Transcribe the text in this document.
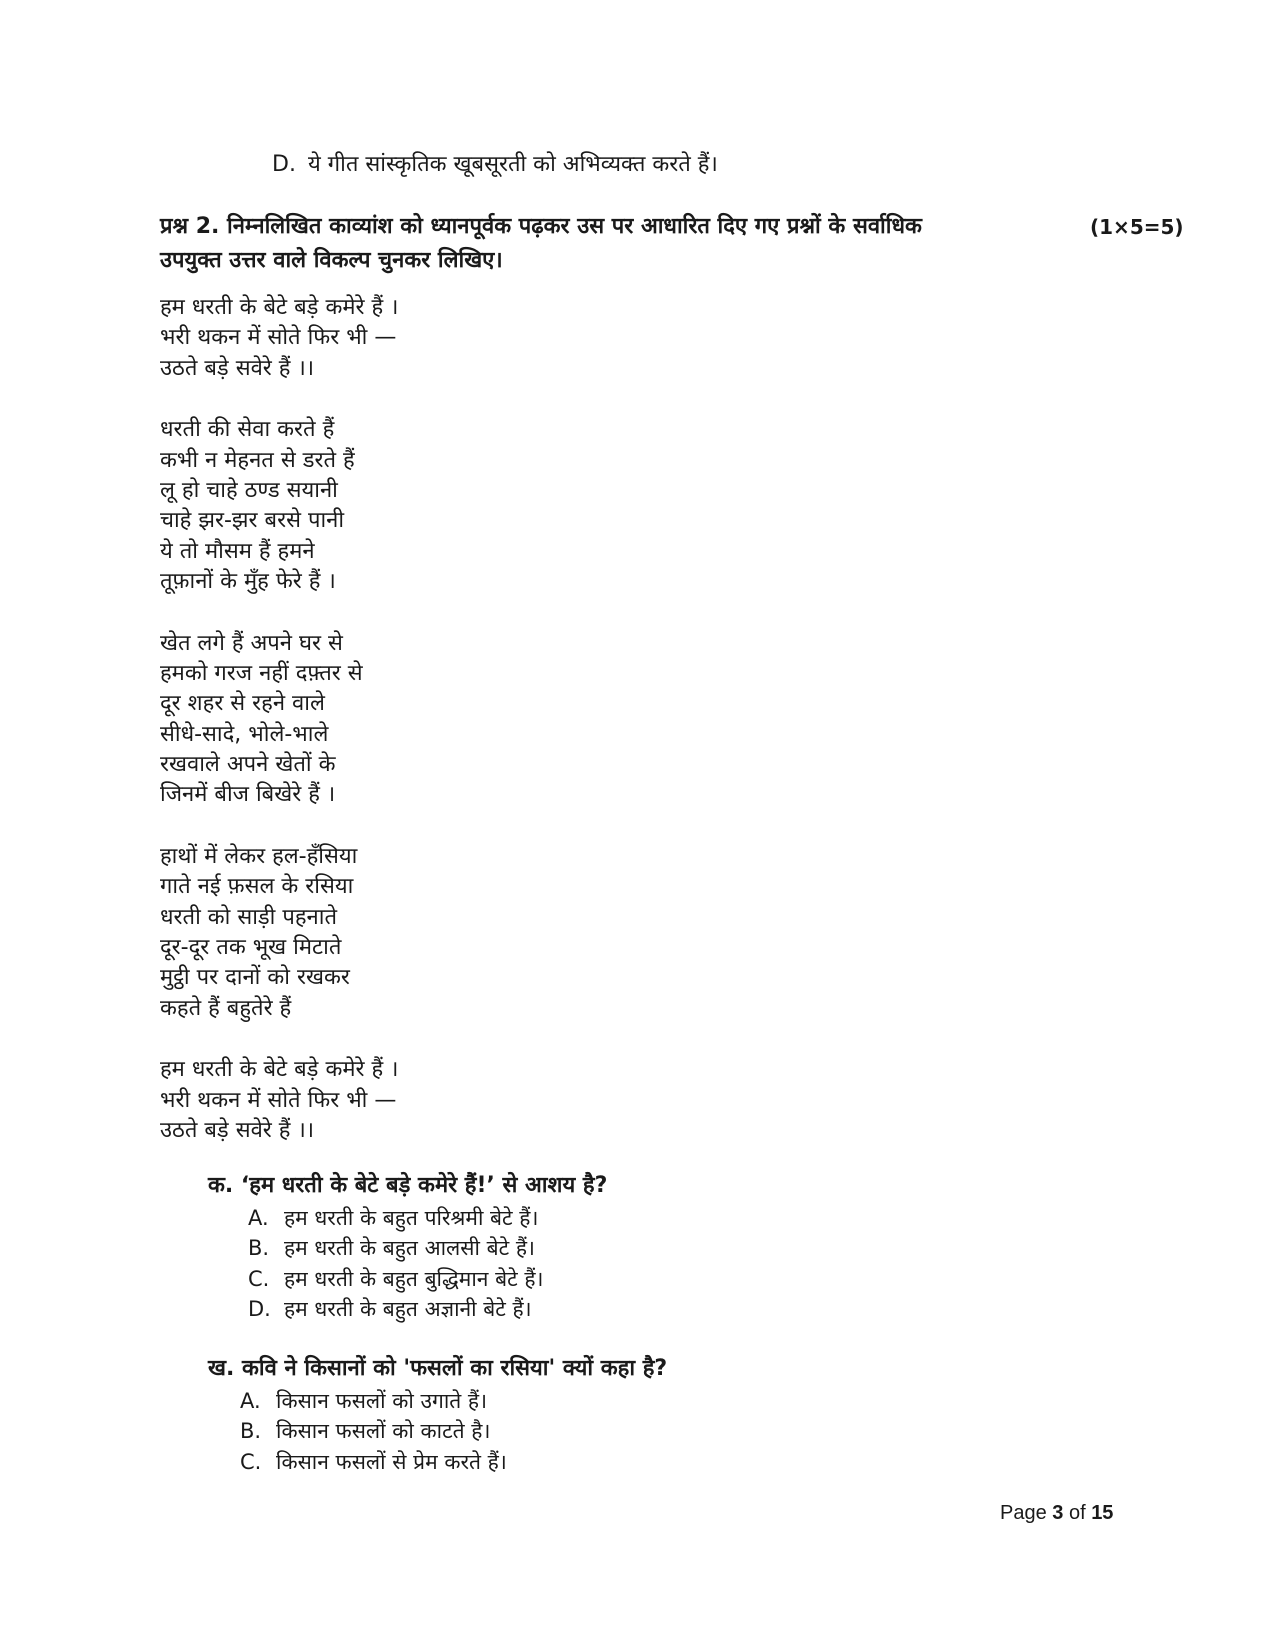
D. ये गीत सांस्कृतिक खूबसूरती को अभिव्यक्त करते हैं।
प्रश्न 2. निम्नलिखित काव्यांश को ध्यानपूर्वक पढ़कर उस पर आधारित दिए गए प्रश्नों के सर्वाधिक
उपयुक्त उत्तर वाले विकल्प चुनकर लिखिए।
(1×5=5)
हम धरती के बेटे बड़े कमेरे हैं ।
भरी थकन में सोते फिर भी —
उठते बड़े सवेरे हैं ।।
धरती की सेवा करते हैं
कभी न मेहनत से डरते हैं
लू हो चाहे ठण्ड सयानी
चाहे झर-झर बरसे पानी
ये तो मौसम हैं हमने
तूफ़ानों के मुँह फेरे हैं ।
खेत लगे हैं अपने घर से
हमको गरज नहीं दफ़्तर से
दूर शहर से रहने वाले
सीधे-सादे, भोले-भाले
रखवाले अपने खेतों के
जिनमें बीज बिखेरे हैं ।
हाथों में लेकर हल-हँसिया
गाते नई फ़सल के रसिया
धरती को साड़ी पहनाते
दूर-दूर तक भूख मिटाते
मुट्ठी पर दानों को रखकर
कहते हैं बहुतेरे हैं
हम धरती के बेटे बड़े कमेरे हैं ।
भरी थकन में सोते फिर भी —
उठते बड़े सवेरे हैं ।।
क. ‘हम धरती के बेटे बड़े कमेरे हैं!’ से आशय है?
A. हम धरती के बहुत परिश्रमी बेटे हैं।
B. हम धरती के बहुत आलसी बेटे हैं।
C. हम धरती के बहुत बुद्धिमान बेटे हैं।
D. हम धरती के बहुत अज्ञानी बेटे हैं।
ख. कवि ने किसानों को 'फसलों का रसिया' क्यों कहा है?
A. किसान फसलों को उगाते हैं।
B. किसान फसलों को काटते है।
C. किसान फसलों से प्रेम करते हैं।
Page 3 of 15
